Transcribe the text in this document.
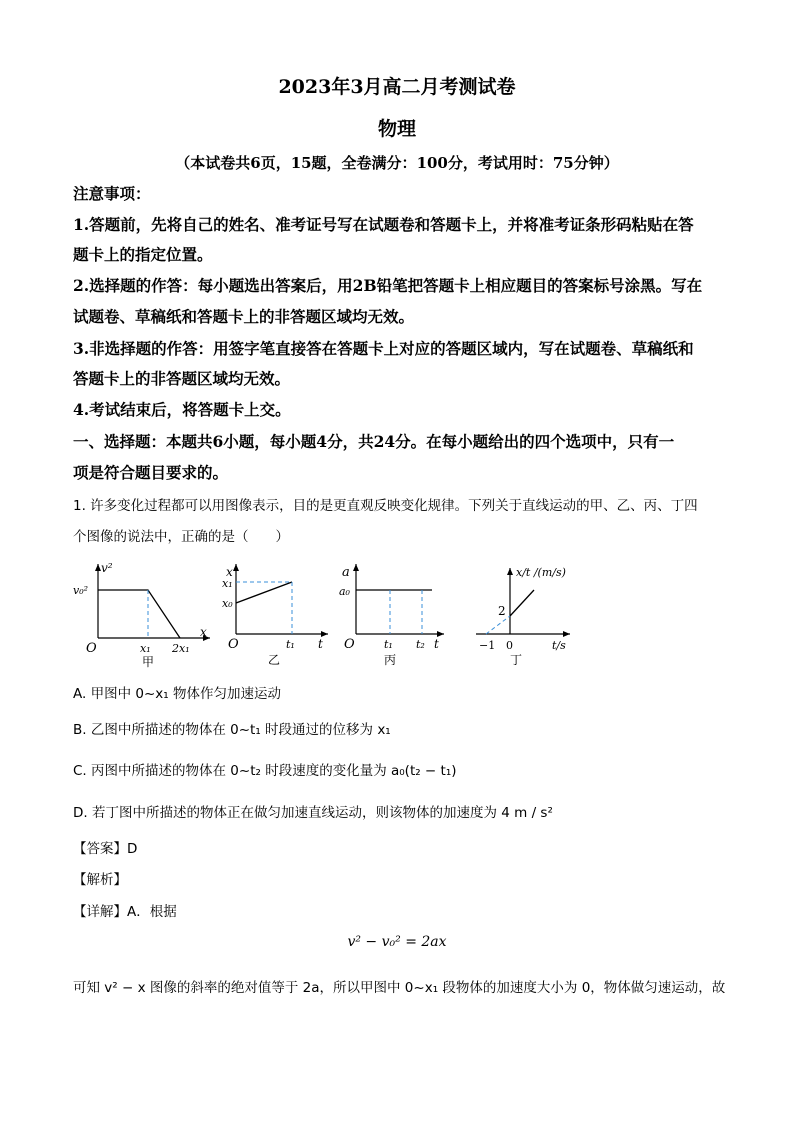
2023年3月高二月考测试卷
物理
（本试卷共6页，15题，全卷满分：100分，考试用时：75分钟）
注意事项：
1.答题前，先将自己的姓名、准考证号写在试题卷和答题卡上，并将准考证条形码粘贴在答
题卡上的指定位置。
2.选择题的作答：每小题选出答案后，用2B铅笔把答题卡上相应题目的答案标号涂黑。写在
试题卷、草稿纸和答题卡上的非答题区域均无效。
3.非选择题的作答：用签字笔直接答在答题卡上对应的答题区域内，写在试题卷、草稿纸和
答题卡上的非答题区域均无效。
4.考试结束后，将答题卡上交。
一、选择题：本题共6小题，每小题4分，共24分。在每小题给出的四个选项中，只有一
项是符合题目要求的。
1. 许多变化过程都可以用图像表示，目的是更直观反映变化规律。下列关于直线运动的甲、乙、丙、丁四
个图像的说法中，正确的是（　　）
v²
v₀²
x₁ 2x₁
x
O
甲
x
x₁
x₀
t₁ t
O
乙
a
a₀
t₁ t₂ t
O
丙
x/t /(m/s)
2
−1 0	t/s
丁
A. 甲图中 0~x₁ 物体作匀加速运动
B. 乙图中所描述的物体在 0~t₁ 时段通过的位移为 x₁
C. 丙图中所描述的物体在 0~t₂ 时段速度的变化量为 a₀(t₂ − t₁)
D. 若丁图中所描述的物体正在做匀加速直线运动，则该物体的加速度为 4 m / s²
【答案】D
【解析】
【详解】A．根据
v² − v₀² = 2ax
可知 v² − x 图像的斜率的绝对值等于 2a，所以甲图中 0~x₁ 段物体的加速度大小为 0，物体做匀速运动，故
